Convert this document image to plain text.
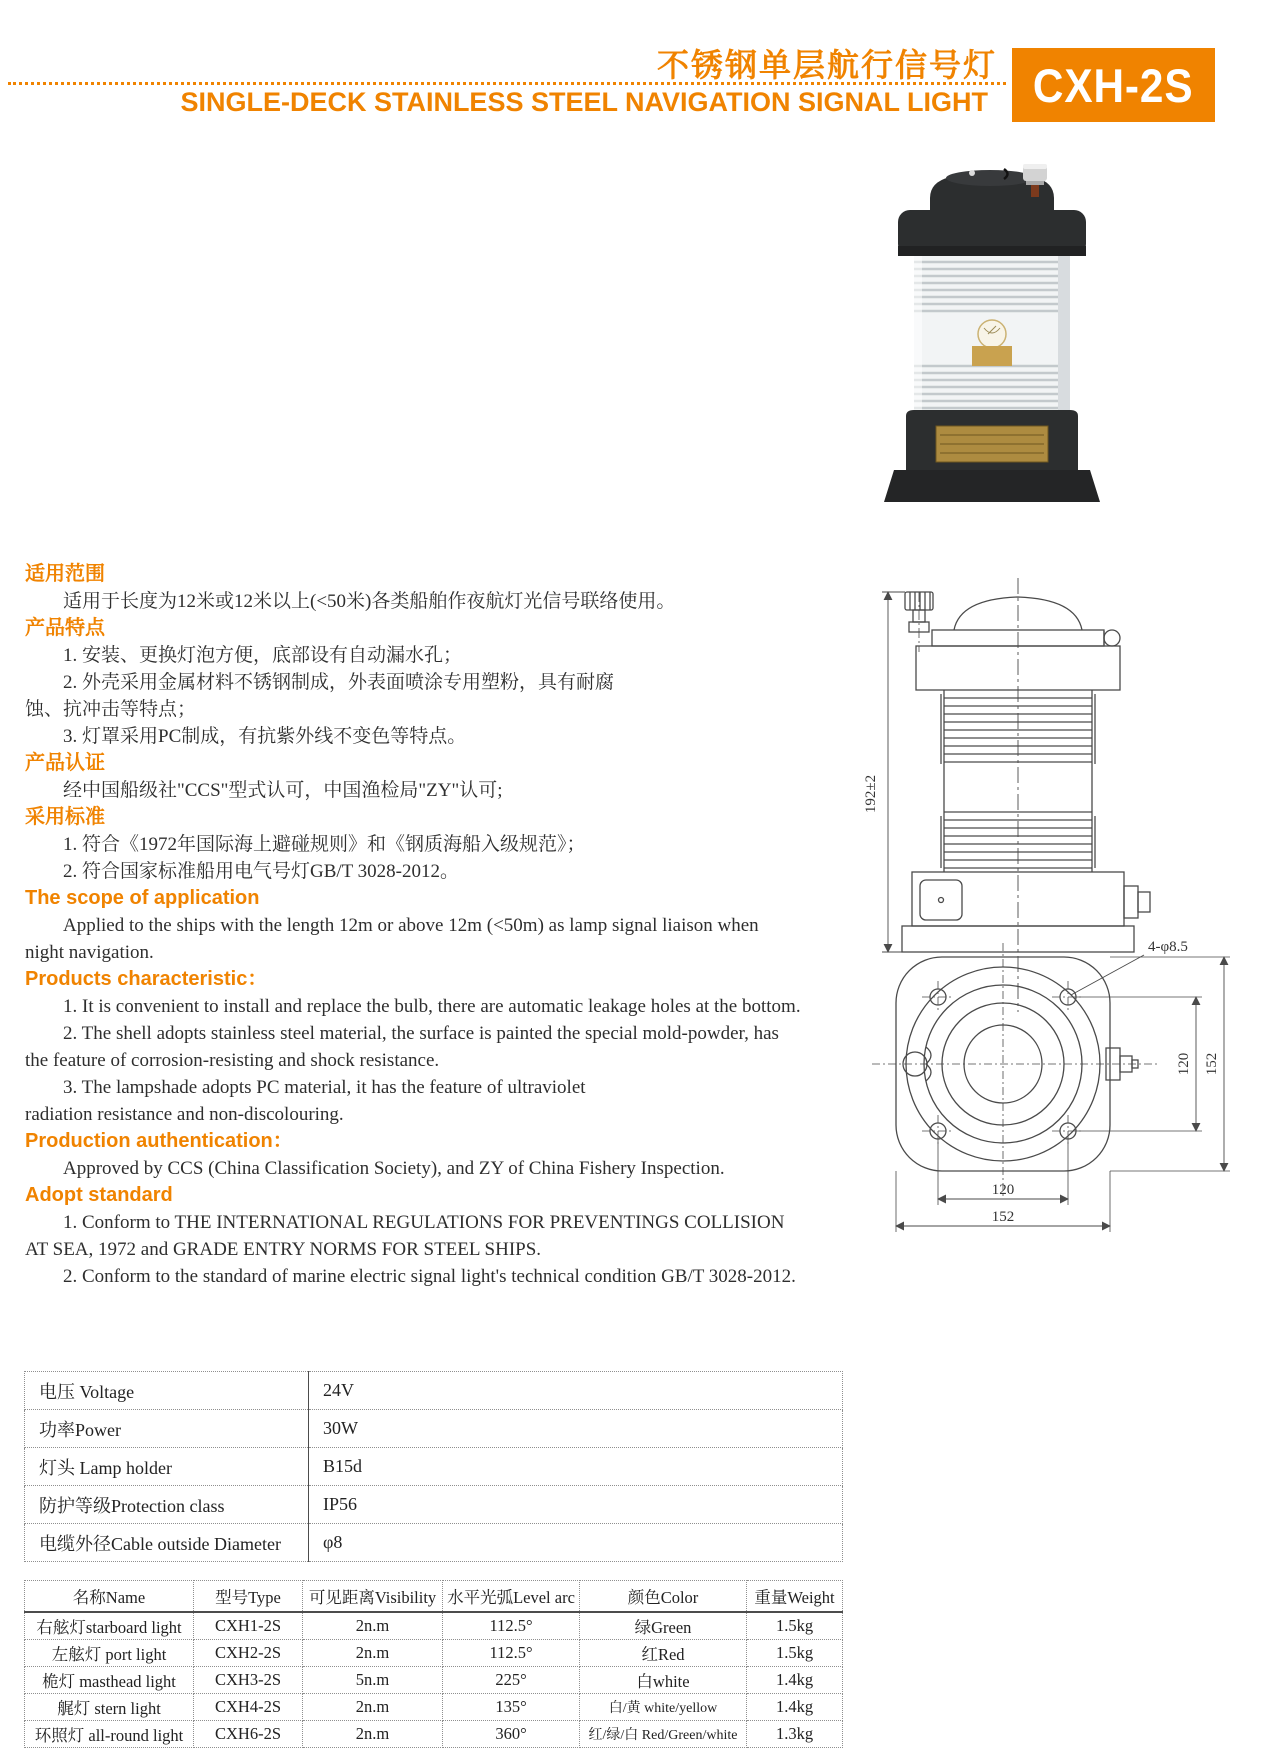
不锈钢单层航行信号灯
SINGLE-DECK STAINLESS STEEL NAVIGATION SIGNAL LIGHT CXH-2S
适用范围
适用于长度为12米或12米以上(<50米)各类船舶作夜航灯光信号联络使用。
产品特点
1. 安装、更换灯泡方便，底部设有自动漏水孔；
2. 外壳采用金属材料不锈钢制成，外表面喷涂专用塑粉，具有耐腐
蚀、抗冲击等特点；
3. 灯罩采用PC制成，有抗紫外线不变色等特点。
产品认证
经中国船级社"CCS"型式认可，中国渔检局"ZY"认可;
采用标准
1. 符合《1972年国际海上避碰规则》和《钢质海船入级规范》；
2. 符合国家标准船用电气号灯GB/T 3028-2012。
The scope of application
Applied to the ships with the length 12m or above 12m (<50m) as lamp signal liaison when
night navigation.
Products characteristic：
1. It is convenient to install and replace the bulb, there are automatic leakage holes at the bottom.
2. The shell adopts stainless steel material, the surface is painted the special mold-powder, has
the feature of corrosion-resisting and shock resistance.
3. The lampshade adopts PC material, it has the feature of ultraviolet
radiation resistance and non-discolouring.
Production authentication：
Approved by CCS (China Classification Society), and ZY of China Fishery Inspection.
Adopt standard
1. Conform to THE INTERNATIONAL REGULATIONS FOR PREVENTINGS COLLISION
AT SEA, 1972 and GRADE ENTRY NORMS FOR STEEL SHIPS.
2. Conform to the standard of marine electric signal light's technical condition GB/T 3028-2012.
192±2
4-φ8.5
120 152
120
152
电压 Voltage	24V
功率Power	30W
灯头 Lamp holder	B15d
防护等级Protection class	IP56
电缆外径Cable outside Diameter	φ8
名称Name	型号Type	可见距离Visibility	水平光弧Level arc	颜色Color	重量Weight
右舷灯starboard light	CXH1-2S	2n.m	112.5°	绿Green	1.5kg
左舷灯 port light	CXH2-2S	2n.m	112.5°	红Red	1.5kg
桅灯 masthead light	CXH3-2S	5n.m	225°	白white	1.4kg
艉灯 stern light	CXH4-2S	2n.m	135°	白/黄 white/yellow	1.4kg
环照灯 all-round light	CXH6-2S	2n.m	360°	红/绿/白 Red/Green/white	1.3kg
